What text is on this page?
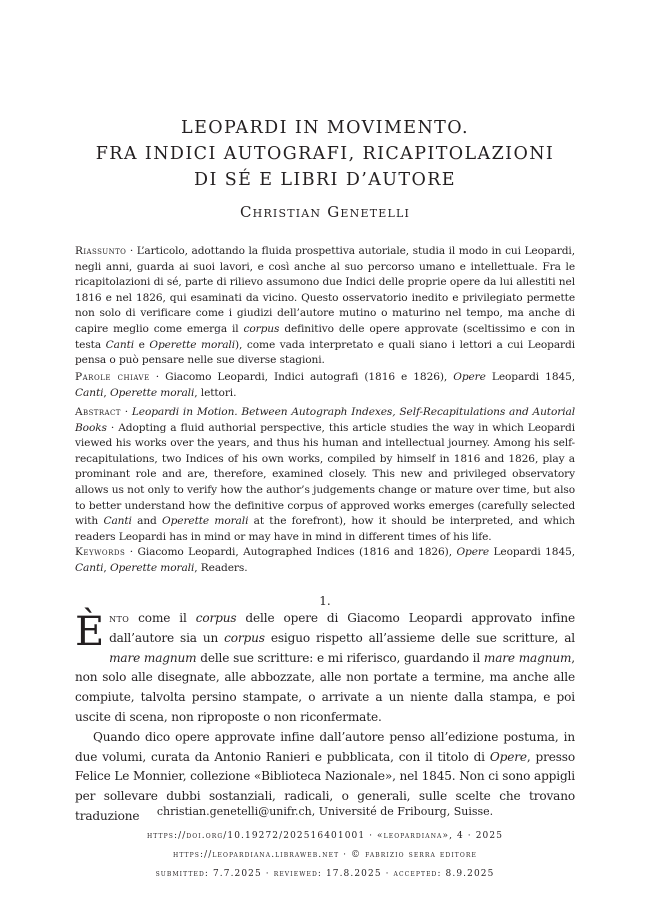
LEOPARDI IN MOVIMENTO.
FRA INDICI AUTOGRAFI, RICAPITOLAZIONI
DI SÉ E LIBRI D’AUTORE
Christian Genetelli
Riassunto · L’articolo, adottando la fluida prospettiva autoriale, studia il modo in cui Leopardi, negli anni, guarda ai suoi lavori, e così anche al suo percorso umano e intellettuale. Fra le ricapitolazioni di sé, parte di rilievo assumono due Indici delle proprie opere da lui allestiti nel 1816 e nel 1826, qui esaminati da vicino. Questo osservatorio inedito e privilegiato permette non solo di verificare come i giudizi dell’autore mutino o maturino nel tempo, ma anche di capire meglio come emerga il corpus definitivo delle opere approvate (sceltissimo e con in testa Canti e Operette morali), come vada interpretato e quali siano i lettori a cui Leopardi pensa o può pensare nelle sue diverse stagioni.
Parole chiave · Giacomo Leopardi, Indici autografi (1816 e 1826), Opere Leopardi 1845, Canti, Operette morali, lettori.
Abstract · Leopardi in Motion. Between Autograph Indexes, Self-Recapitulations and Autorial Books · Adopting a fluid authorial perspective, this article studies the way in which Leopardi viewed his works over the years, and thus his human and intellectual journey. Among his self-recapitulations, two Indices of his own works, compiled by himself in 1816 and 1826, play a prominant role and are, therefore, examined closely. This new and privileged observatory allows us not only to verify how the author’s judgements change or mature over time, but also to better understand how the definitive corpus of approved works emerges (carefully selected with Canti and Operette morali at the forefront), how it should be interpreted, and which readers Leopardi has in mind or may have in mind in different times of his life.
Keywords · Giacomo Leopardi, Autographed Indices (1816 and 1826), Opere Leopardi 1845, Canti, Operette morali, Readers.
1.

Ènto come il corpus delle opere di Giacomo Leopardi approvato infine dall’autore sia un corpus esiguo rispetto all’assieme delle sue scritture, al mare magnum delle sue scritture: e mi riferisco, guardando il mare magnum, non solo alle disegnate, alle abbozzate, alle non portate a termine, ma anche alle compiute, talvolta persino stampate, o arrivate a un niente dalla stampa, e poi uscite di scena, non riproposte o non riconfermate.

Quando dico opere approvate infine dall’autore penso all’edizione postuma, in due volumi, curata da Antonio Ranieri e pubblicata, con il titolo di Opere, presso Felice Le Monnier, collezione «Biblioteca Nazionale», nel 1845. Non ci sono appigli per sollevare dubbi sostanziali, radicali, o generali, sulle scelte che trovano traduzione	christian.genetelli@unifr.ch, Université de Fribourg, Suisse.
https://doi.org/10.19272/202516401001 · «leopardiana», 4 · 2025
https://leopardiana.libraweb.net · © fabrizio serra editore
submitted: 7.7.2025 · reviewed: 17.8.2025 · accepted: 8.9.2025
